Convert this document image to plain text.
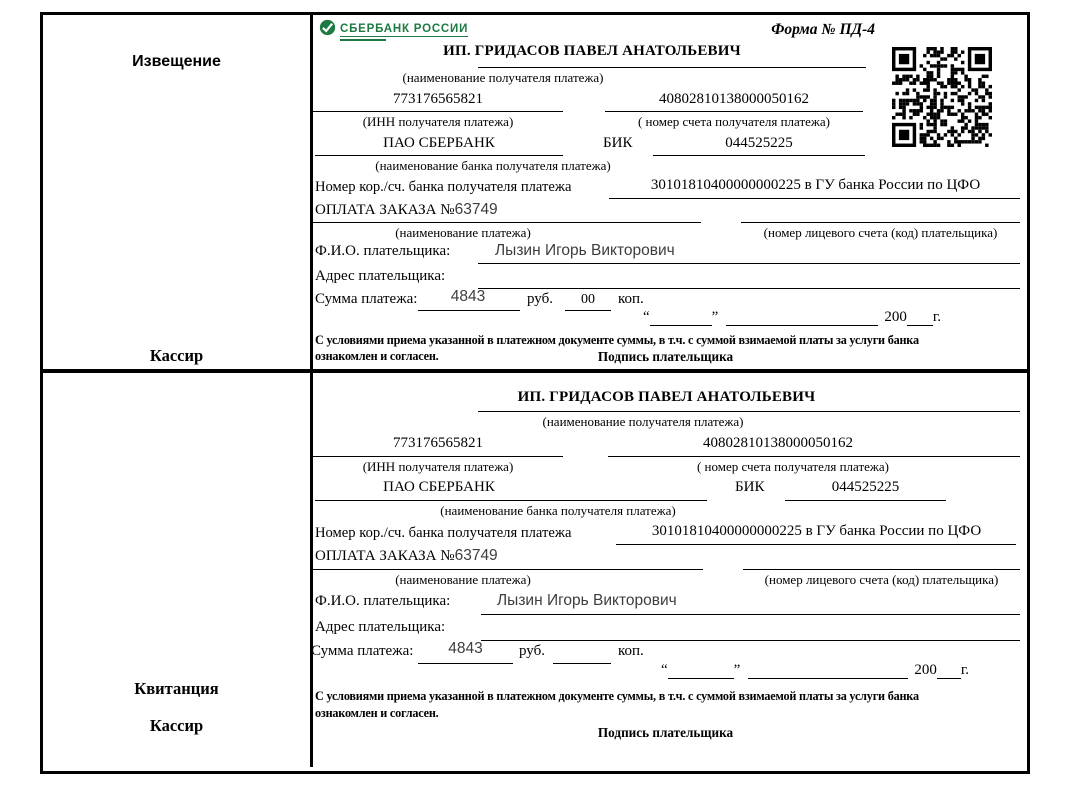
Извещение
Кассир
СБЕРБАНК РОССИИ	Форма № ПД-4
ИП. ГРИДАСОВ ПАВЕЛ АНАТОЛЬЕВИЧ
(наименование получателя платежа)
773176565821	40802810138000050162
(ИНН получателя платежа)	( номер счета получателя платежа)
ПАО СБЕРБАНК	БИК	044525225
(наименование банка получателя платежа)
Номер кор./сч. банка получателя платежа	30101810400000000225 в ГУ банка России по ЦФО
ОПЛАТА ЗАКАЗА №63749
(наименование платежа)	(номер лицевого счета (код) плательщика)
Ф.И.О. плательщика:	Лызин Игорь Викторович
Адрес плательщика:
Сумма платежа:	4843	руб.	00	коп.
“	”	200 г.
С условиями приема указанной в платежном документе суммы, в т.ч. с суммой взимаемой платы за услуги банка
ознакомлен и согласен.	Подпись плательщика
Квитанция
Кассир
ИП. ГРИДАСОВ ПАВЕЛ АНАТОЛЬЕВИЧ
(наименование получателя платежа)
773176565821	40802810138000050162
(ИНН получателя платежа)	( номер счета получателя платежа)
ПАО СБЕРБАНК	БИК	044525225
(наименование банка получателя платежа)
Номер кор./сч. банка получателя платежа	30101810400000000225 в ГУ банка России по ЦФО
ОПЛАТА ЗАКАЗА №63749
(наименование платежа)	(номер лицевого счета (код) плательщика)
Ф.И.О. плательщика:	Лызин Игорь Викторович
Адрес плательщика:
Сумма платежа:	4843	руб.	коп.
“	”	200 г.
С условиями приема указанной в платежном документе суммы, в т.ч. с суммой взимаемой платы за услуги банка
ознакомлен и согласен.
Подпись плательщика
